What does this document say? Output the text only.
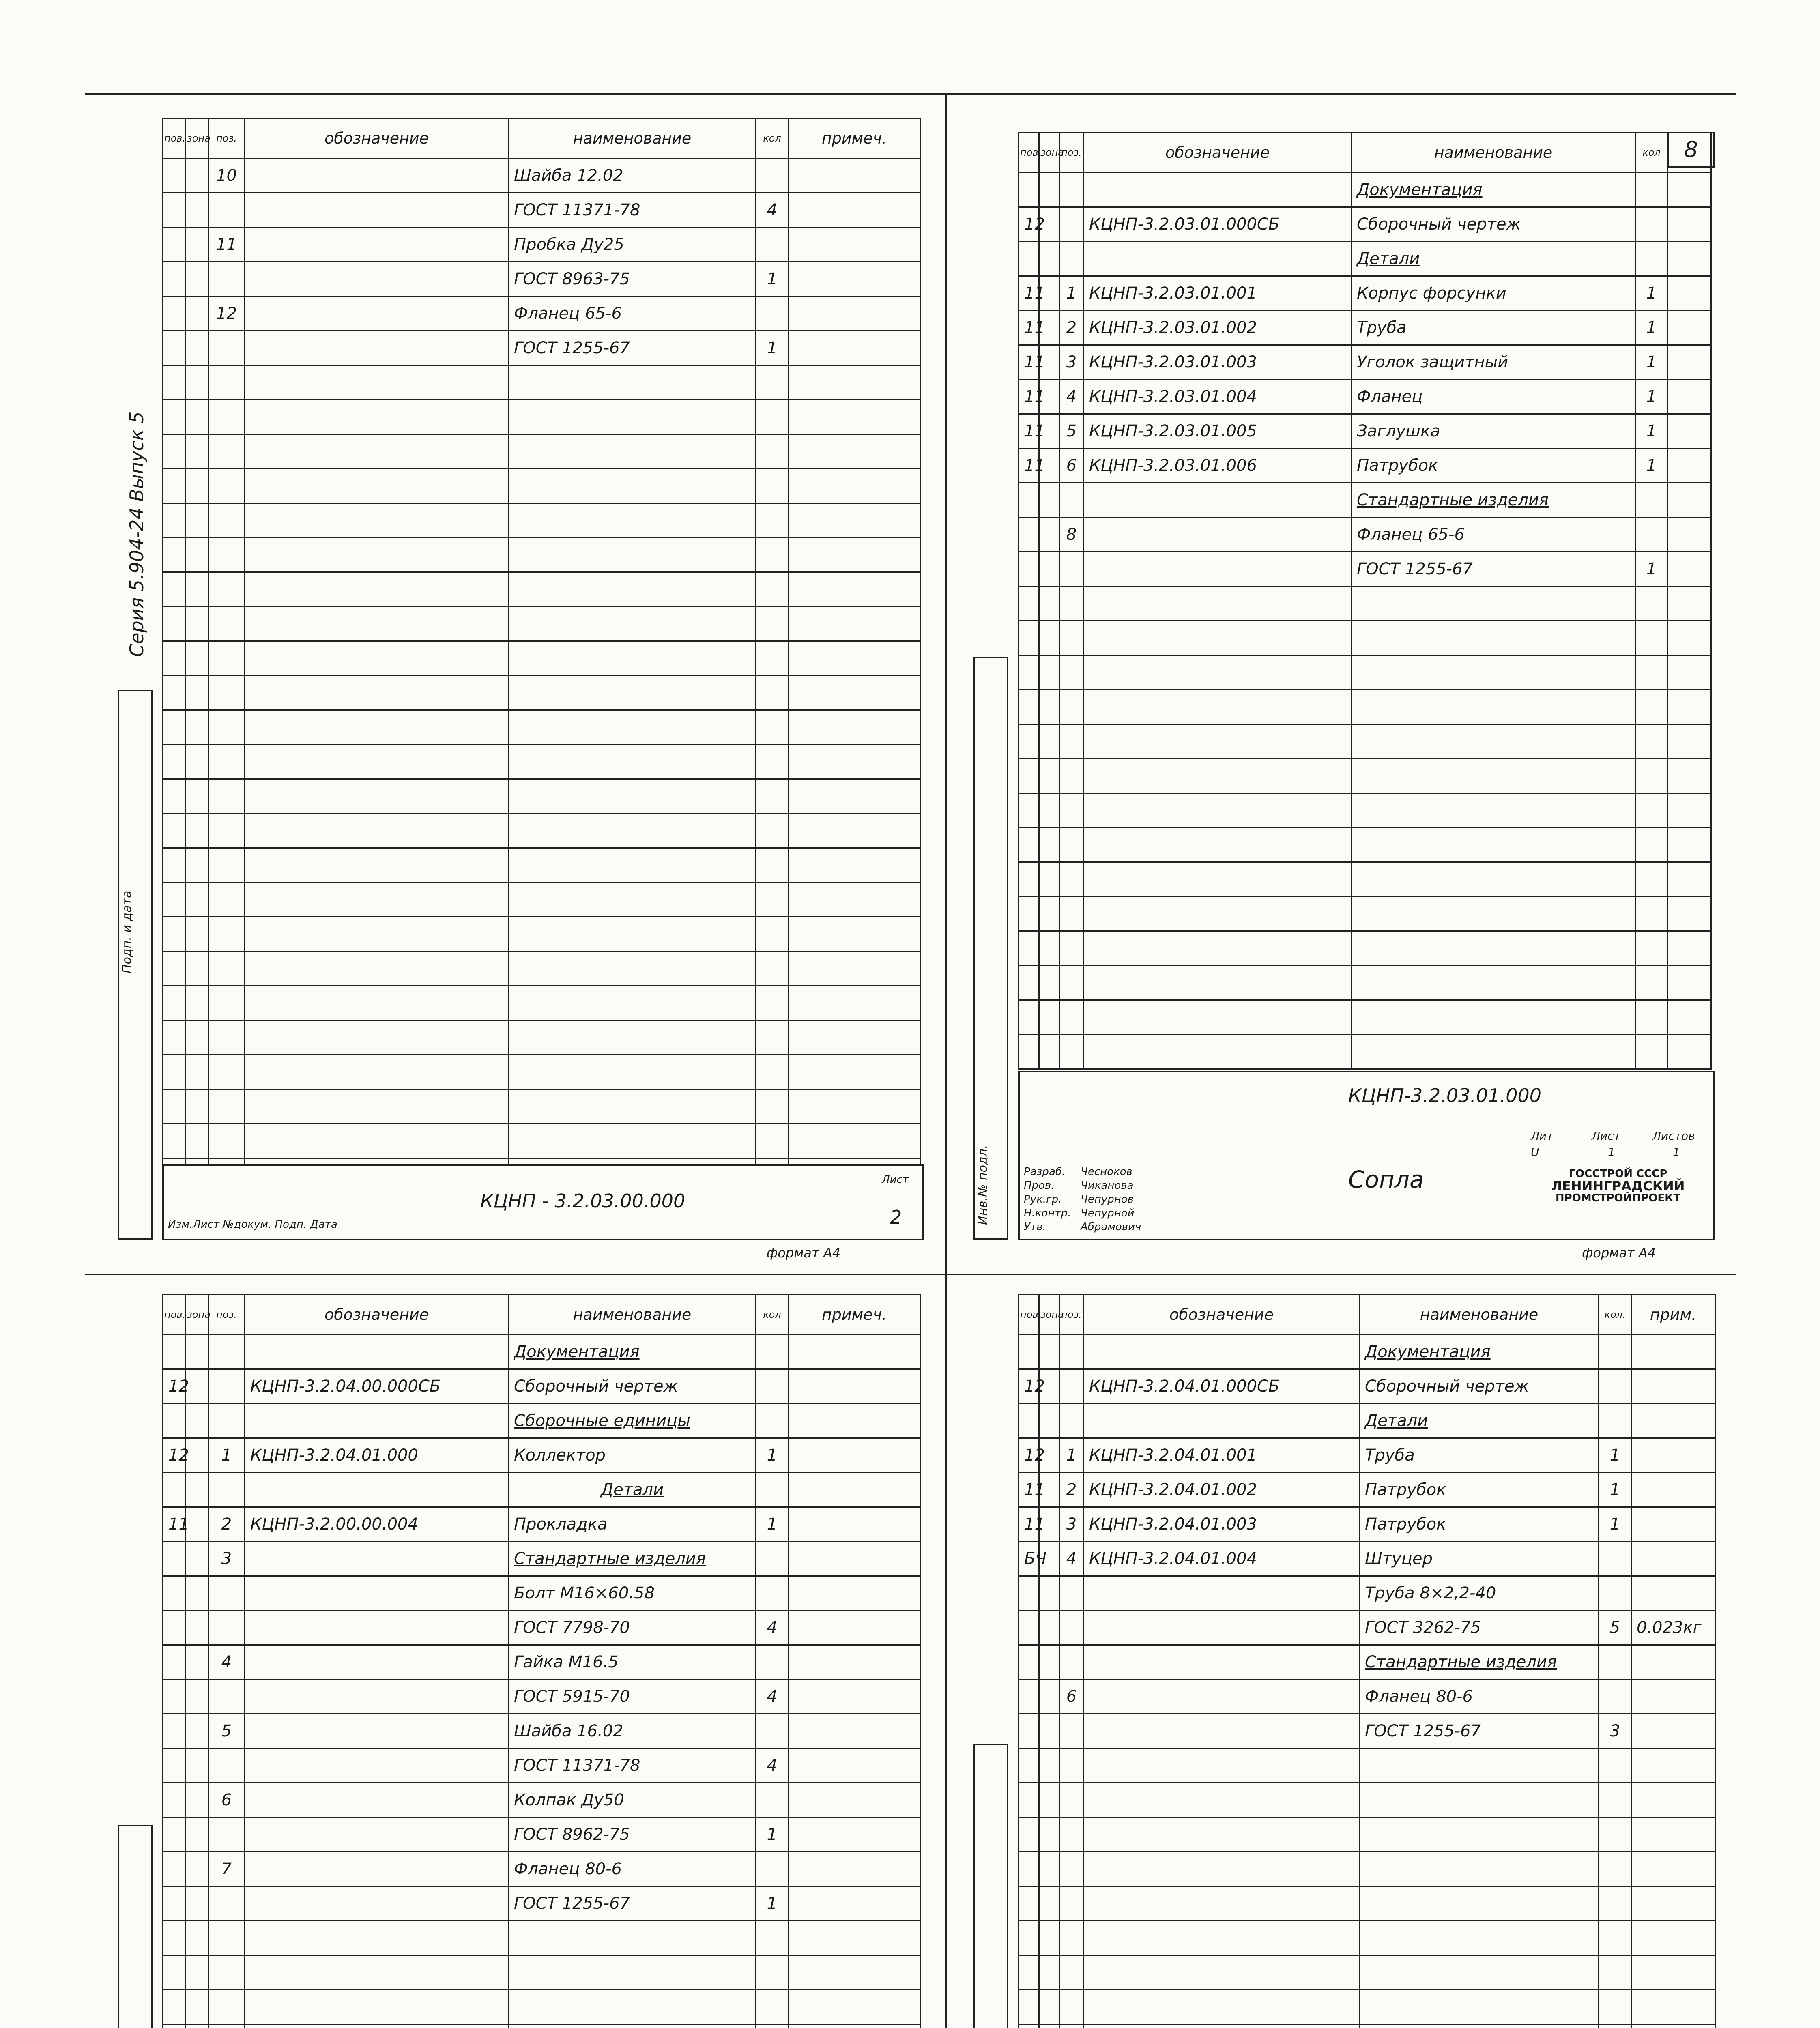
Серия 5.904-24 Выпуск 5
8
пов.	зона	поз.	обозначение	наименование	кол	примеч.
		10		Шайба 12.02		
				ГОСТ 11371-78	4	
		11		Пробка Ду25		
				ГОСТ 8963-75	1	
		12		Фланец 65-6		
				ГОСТ 1255-67	1	

Изм.Лист №докум. Подп. Дата
КЦНП - 3.2.03.00.000
Лист
2
формат А4
Подп. и дата
пов.	зона	поз.	обозначение	наименование	кол	
				Документация		
12			КЦНП-3.2.03.01.000СБ	Сборочный чертеж		
				Детали		
11		1	КЦНП-3.2.03.01.001	Корпус форсунки	1	
11		2	КЦНП-3.2.03.01.002	Труба	1	
11		3	КЦНП-3.2.03.01.003	Уголок защитный	1	
11		4	КЦНП-3.2.03.01.004	Фланец	1	
11		5	КЦНП-3.2.03.01.005	Заглушка	1	
11		6	КЦНП-3.2.03.01.006	Патрубок	1	
				Стандартные изделия		
		8		Фланец 65-6		
				ГОСТ 1255-67	1	

КЦНП-3.2.03.01.000
Сопла
Разраб. Чесноков
Пров. Чиканова
Рук.гр. Чепурнов
Н.контр. Чепурной
Утв.	Абрамович
Лит	Лист	Листов
U	1	1
ГОССТРОЙ СССР
ЛЕНИНГРАДСКИЙ
ПРОМСТРОЙПРОЕКТ
формат А4
Инв.№ подл.
пов.	зона	поз.	обозначение	наименование	кол	примеч.
				Документация		
12			КЦНП-3.2.04.00.000СБ	Сборочный чертеж		
				Сборочные единицы		
12		1	КЦНП-3.2.04.01.000	Коллектор	1	
				Детали		
11		2	КЦНП-3.2.00.00.004	Прокладка	1	
		3		Стандартные изделия		
				Болт М16×60.58		
				ГОСТ 7798-70	4	
		4		Гайка М16.5		
				ГОСТ 5915-70	4	
		5		Шайба 16.02		
				ГОСТ 11371-78	4	
		6		Колпак Ду50		
				ГОСТ 8962-75	1	
		7		Фланец 80-6		
				ГОСТ 1255-67	1	

пов.	зона	поз.	обозначение	наименование	кол.	прим.
				Документация		
12			КЦНП-3.2.04.01.000СБ	Сборочный чертеж		
				Детали		
12		1	КЦНП-3.2.04.01.001	Труба	1	
11		2	КЦНП-3.2.04.01.002	Патрубок	1	
11		3	КЦНП-3.2.04.01.003	Патрубок	1	
БЧ		4	КЦНП-3.2.04.01.004	Штуцер		
				Труба 8×2,2-40		
				ГОСТ 3262-75	5	0.023кг
				Стандартные изделия		
		6		Фланец 80-6		
				ГОСТ 1255-67	3	
